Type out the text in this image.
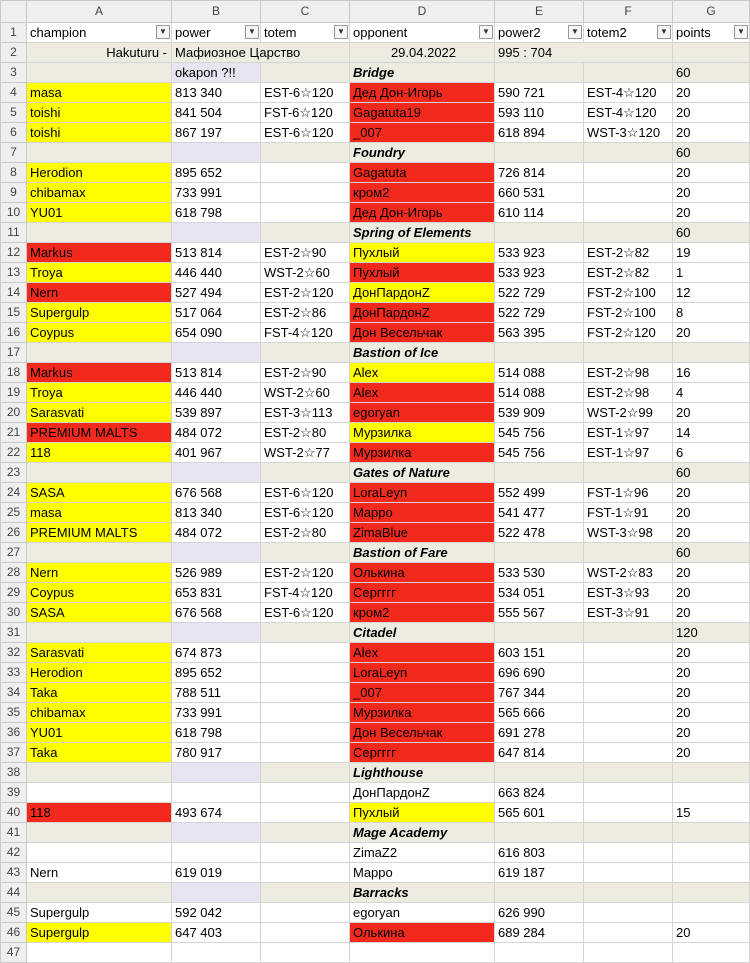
	A	B	C	D	E	F	G
1	champion ▼	power ▼	totem ▼	opponent ▼	power2 ▼	totem2 ▼	points ▼

2	Hakuturu -	Мафиозное Царство		29.04.2022	995 : 704		
3		okapon ?!!		Bridge			60
4	masa	813 340	EST-6☆120	Дед Дон-Игорь	590 721	EST-4☆120	20
5	toishi	841 504	FST-6☆120	Gagatuta19	593 110	EST-4☆120	20
6	toishi	867 197	EST-6☆120	_007	618 894	WST-3☆120	20
7				Foundry			60
8	Herodion	895 652		Gagatuta	726 814		20
9	chibamax	733 991		кром2	660 531		20
10	YU01	618 798		Дед Дон-Игорь	610 114		20
11				Spring of Elements			60
12	Markus	513 814	EST-2☆90	Пухлый	533 923	EST-2☆82	19
13	Troya	446 440	WST-2☆60	Пухлый	533 923	EST-2☆82	1
14	Nern	527 494	EST-2☆120	ДонПардонZ	522 729	FST-2☆100	12
15	Supergulp	517 064	EST-2☆86	ДонПардонZ	522 729	FST-2☆100	8
16	Coypus	654 090	FST-4☆120	Дон Весельчак	563 395	FST-2☆120	20
17				Bastion of Ice			
18	Markus	513 814	EST-2☆90	Alex	514 088	EST-2☆98	16
19	Troya	446 440	WST-2☆60	Alex	514 088	EST-2☆98	4
20	Sarasvati	539 897	EST-3☆113	egoryan	539 909	WST-2☆99	20
21	PREMIUM MALTS	484 072	EST-2☆80	Мурзилка	545 756	EST-1☆97	14
22	118	401 967	WST-2☆77	Мурзилка	545 756	EST-1☆97	6
23				Gates of Nature			60
24	SASA	676 568	EST-6☆120	LoraLeyn	552 499	FST-1☆96	20
25	masa	813 340	EST-6☆120	Мaрро	541 477	FST-1☆91	20
26	PREMIUM MALTS	484 072	EST-2☆80	ZimaBlue	522 478	WST-3☆98	20
27				Bastion of Fare			60
28	Nern	526 989	EST-2☆120	Олькина	533 530	WST-2☆83	20
29	Coypus	653 831	FST-4☆120	Сергггг	534 051	EST-3☆93	20
30	SASA	676 568	EST-6☆120	кром2	555 567	EST-3☆91	20
31				Citadel			120
32	Sarasvati	674 873		Alex	603 151		20
33	Herodion	895 652		LoraLeyn	696 690		20
34	Taka	788 511		_007	767 344		20
35	chibamax	733 991		Мурзилка	565 666		20
36	YU01	618 798		Дон Весельчак	691 278		20
37	Taka	780 917		Сергггг	647 814		20
38				Lighthouse			
39				ДонПардонZ	663 824		
40	118	493 674		Пухлый	565 601		15
41				Mage Academy			
42				ZimaZ2	616 803		
43	Nern	619 019		Мaрро	619 187		
44				Barracks			
45	Supergulp	592 042		egoryan	626 990		
46	Supergulp	647 403		Олькина	689 284		20
47							
